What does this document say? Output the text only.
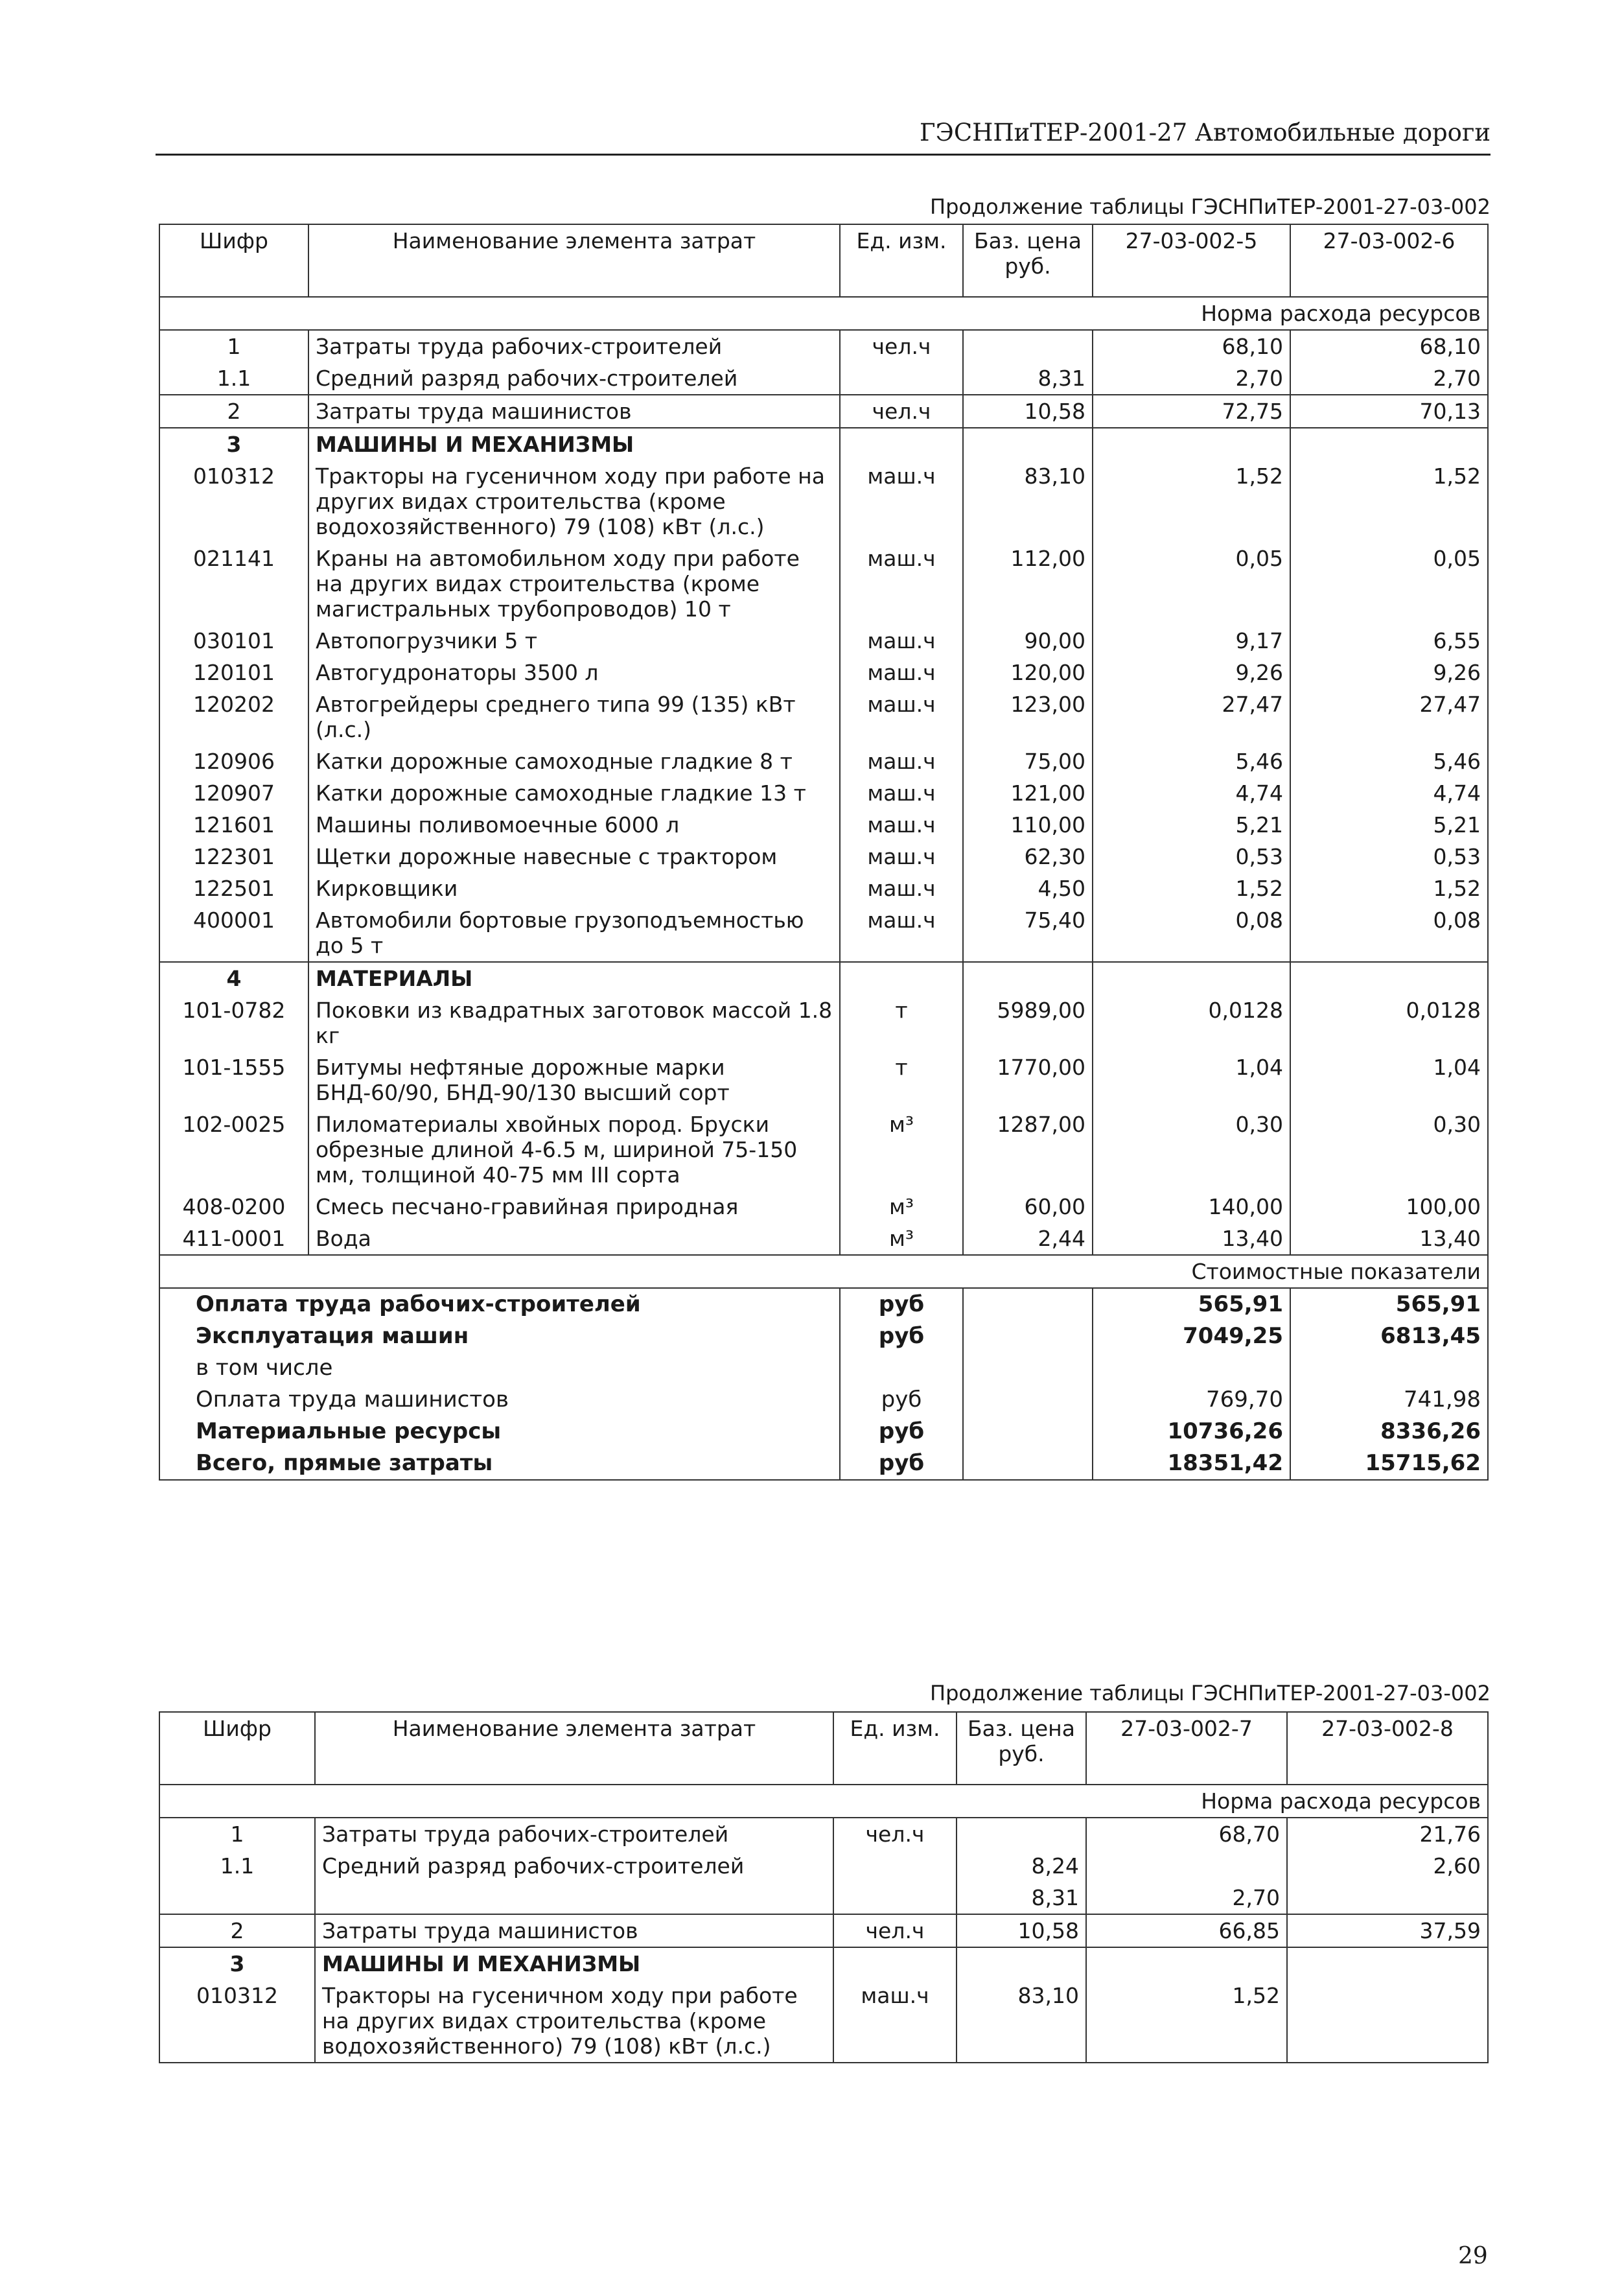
ГЭСНПиТЕР-2001-27 Автомобильные дороги
Продолжение таблицы ГЭСНПиТЕР-2001-27-03-002
Шифр	Наименование элемента затрат	Ед. изм.	Баз. цена руб.	27-03-002-5	27-03-002-6
Норма расхода ресурсов					
1	Затраты труда рабочих-строителей	чел.ч		68,10	68,10
1.1	Средний разряд рабочих-строителей		8,31	2,70	2,70
2	Затраты труда машинистов	чел.ч	10,58	72,75	70,13
3	МАШИНЫ И МЕХАНИЗМЫ				
010312	Тракторы на гусеничном ходу при работе на других видах строительства (кроме водохозяйственного) 79 (108) кВт (л.с.)	маш.ч	83,10	1,52	1,52
021141	Краны на автомобильном ходу при работе на других видах строительства (кроме магистральных трубопроводов) 10 т	маш.ч	112,00	0,05	0,05
030101	Автопогрузчики 5 т	маш.ч	90,00	9,17	6,55
120101	Автогудронаторы 3500 л	маш.ч	120,00	9,26	9,26
120202	Автогрейдеры среднего типа 99 (135) кВт (л.с.)	маш.ч	123,00	27,47	27,47
120906	Катки дорожные самоходные гладкие 8 т	маш.ч	75,00	5,46	5,46
120907	Катки дорожные самоходные гладкие 13 т	маш.ч	121,00	4,74	4,74
121601	Машины поливомоечные 6000 л	маш.ч	110,00	5,21	5,21
122301	Щетки дорожные навесные с трактором	маш.ч	62,30	0,53	0,53
122501	Кирковщики	маш.ч	4,50	1,52	1,52
400001	Автомобили бортовые грузоподъемностью до 5 т	маш.ч	75,40	0,08	0,08
4	МАТЕРИАЛЫ				
101-0782	Поковки из квадратных заготовок массой 1.8 кг	т	5989,00	0,0128	0,0128
101-1555	Битумы нефтяные дорожные марки БНД-60/90, БНД-90/130 высший сорт	т	1770,00	1,04	1,04
102-0025	Пиломатериалы хвойных пород. Бруски обрезные длиной 4-6.5 м, шириной 75-150 мм, толщиной 40-75 мм III сорта	м³	1287,00	0,30	0,30
408-0200	Смесь песчано-гравийная природная	м³	60,00	140,00	100,00
411-0001	Вода	м³	2,44	13,40	13,40
Стоимостные показатели					
Оплата труда рабочих-строителей		руб		565,91	565,91
Эксплуатация машин		руб		7049,25	6813,45
в том числе					
Оплата труда машинистов		руб		769,70	741,98
Материальные ресурсы		руб		10736,26	8336,26
Всего, прямые затраты		руб		18351,42	15715,62
Продолжение таблицы ГЭСНПиТЕР-2001-27-03-002
Шифр	Наименование элемента затрат	Ед. изм.	Баз. цена руб.	27-03-002-7	27-03-002-8
Норма расхода ресурсов					
1	Затраты труда рабочих-строителей	чел.ч		68,70	21,76
1.1	Средний разряд рабочих-строителей		8,24		2,60
			8,31	2,70	
2	Затраты труда машинистов	чел.ч	10,58	66,85	37,59
3	МАШИНЫ И МЕХАНИЗМЫ				
010312	Тракторы на гусеничном ходу при работе на других видах строительства (кроме водохозяйственного) 79 (108) кВт (л.с.)	маш.ч	83,10	1,52	
29
